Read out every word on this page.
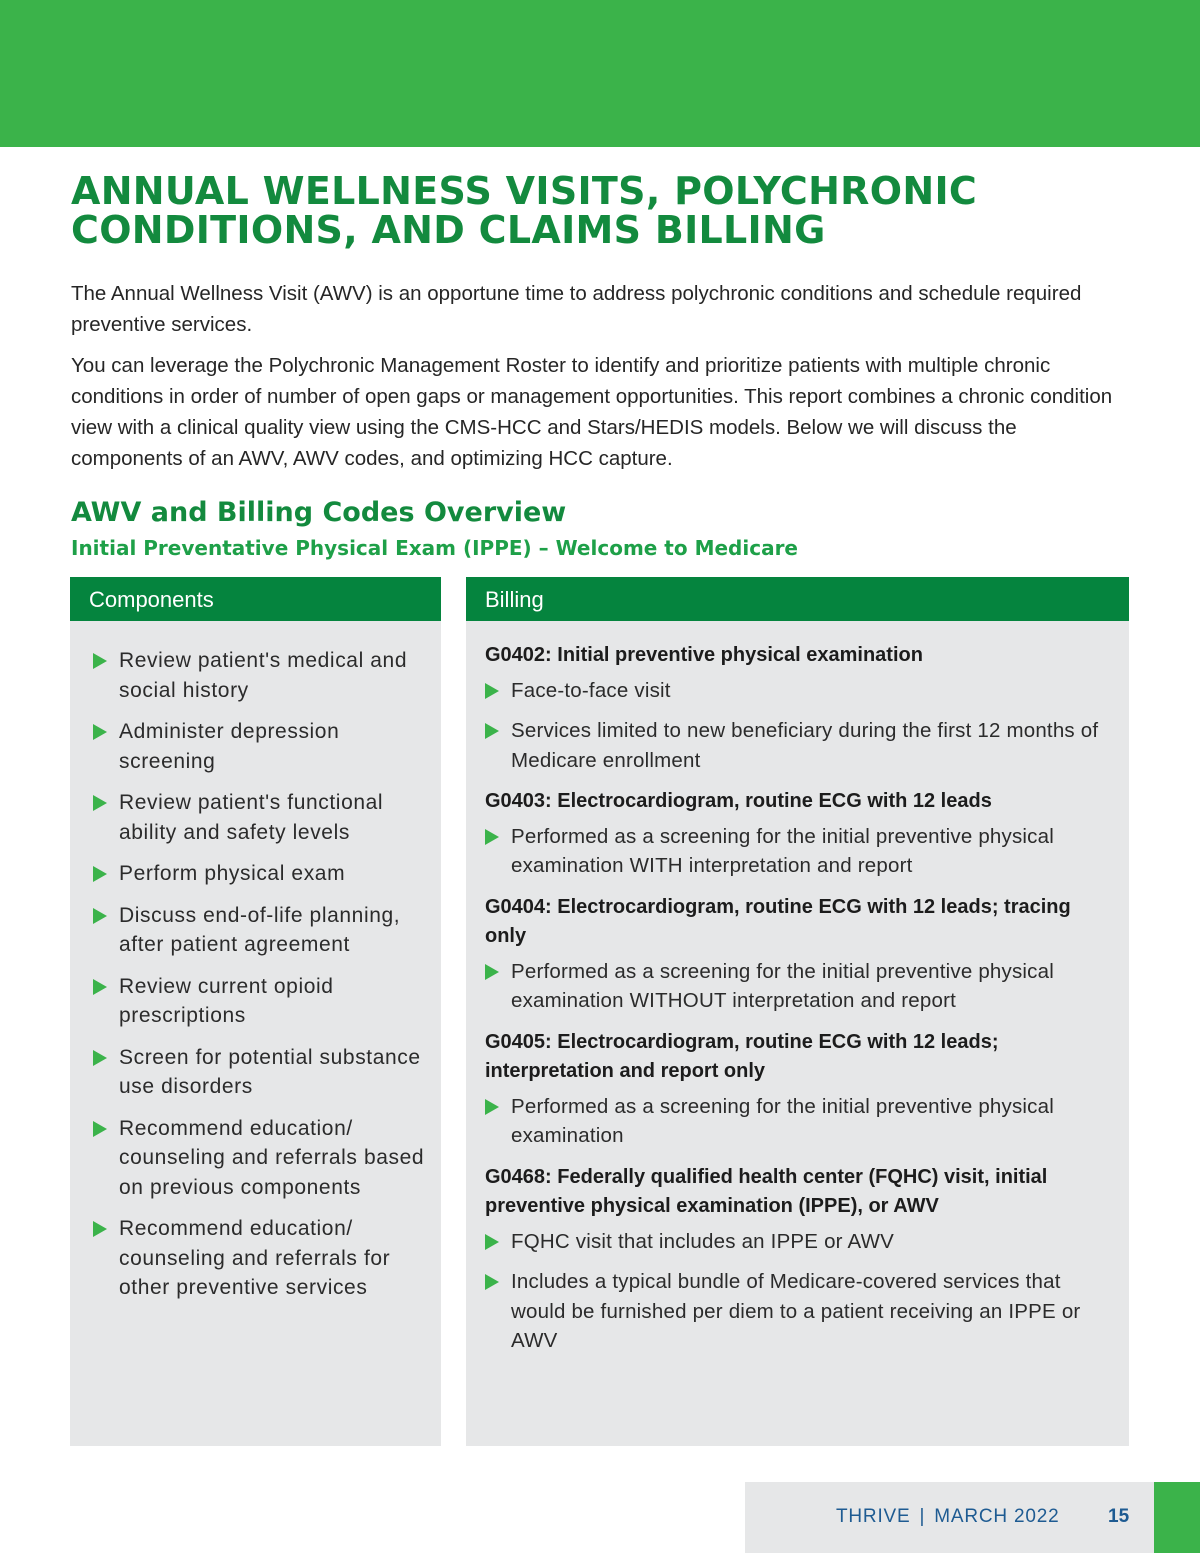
ANNUAL WELLNESS VISITS, POLYCHRONIC
CONDITIONS, AND CLAIMS BILLING

The Annual Wellness Visit (AWV) is an opportune time to address polychronic conditions and schedule required preventive services.

You can leverage the Polychronic Management Roster to identify and prioritize patients with multiple chronic conditions in order of number of open gaps or management opportunities. This report combines a chronic condition view with a clinical quality view using the CMS-HCC and Stars/HEDIS models. Below we will discuss the components of an AWV, AWV codes, and optimizing HCC capture.

AWV and Billing Codes Overview
Initial Preventative Physical Exam (IPPE) – Welcome to Medicare
Components
Review patient's medical and social history
Administer depression screening
Review patient's functional ability and safety levels
Perform physical exam
Discuss end-of-life planning, after patient agreement
Review current opioid prescriptions
Screen for potential substance use disorders
Recommend education/ counseling and referrals based on previous components
Recommend education/ counseling and referrals for other preventive services
Billing
G0402: Initial preventive physical examination
Face-to-face visit
Services limited to new beneficiary during the first 12 months of Medicare enrollment
G0403: Electrocardiogram, routine ECG with 12 leads
Performed as a screening for the initial preventive physical examination WITH interpretation and report
G0404: Electrocardiogram, routine ECG with 12 leads; tracing only
Performed as a screening for the initial preventive physical examination WITHOUT interpretation and report
G0405: Electrocardiogram, routine ECG with 12 leads; interpretation and report only
Performed as a screening for the initial preventive physical examination
G0468: Federally qualified health center (FQHC) visit, initial preventive physical examination (IPPE), or AWV
FQHC visit that includes an IPPE or AWV
Includes a typical bundle of Medicare-covered services that would be furnished per diem to a patient receiving an IPPE or AWV
THRIVE | MARCH 2022	15
